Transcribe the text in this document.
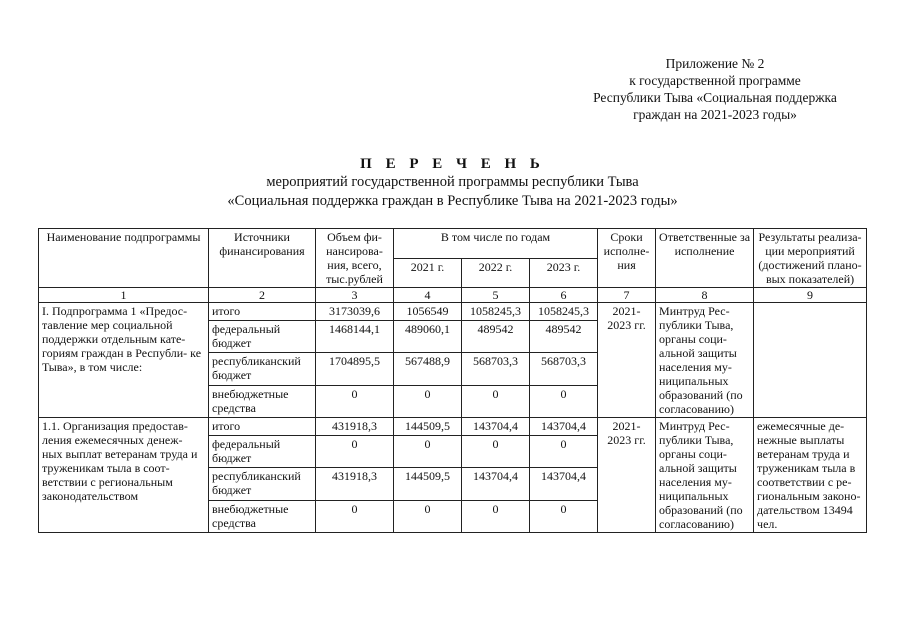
Приложение № 2
к государственной программе
Республики Тыва «Социальная поддержка
граждан на 2021-2023 годы»
П Е Р Е Ч Е Н Ь
мероприятий государственной программы республики Тыва
«Социальная поддержка граждан в Республике Тыва на 2021-2023 годы»
Наименование подпрограммы	Источники финансирования	Объем фи- нансирова- ния, всего, тыс.рублей	В том числе по годам			Сроки исполне- ния	Ответственные за исполнение	Результаты реализа- ции мероприятий (достижений плано- вых показателей)
			2021 г.	2022 г.	2023 г.			
1	2	3	4	5	6	7	8	9
I. Подпрограмма 1 «Предос- тавление мер социальной поддержки отдельным кате- гориям граждан в Республи- ке Тыва», в том числе:	итого	3173039,6	1056549	1058245,3	1058245,3	2021- 2023 гг.	Минтруд Рес- публики Тыва, органы соци- альной защиты населения му- ниципальных образований (по согласованию)	
	федеральный бюджет	1468144,1	489060,1	489542	489542			
	республиканский бюджет	1704895,5	567488,9	568703,3	568703,3			
	внебюджетные средства	0	0	0	0			
1.1. Организация предостав- ления ежемесячных денеж- ных выплат ветеранам труда и труженикам тыла в соот- ветствии с региональным законодательством	итого	431918,3	144509,5	143704,4	143704,4	2021- 2023 гг.	Минтруд Рес- публики Тыва, органы соци- альной защиты населения му- ниципальных образований (по согласованию)	ежемесячные де- нежные выплаты ветеранам труда и труженикам тыла в соответствии с ре- гиональным законо- дательством 13494 чел.
	федеральный бюджет	0	0	0	0			
	республиканский бюджет	431918,3	144509,5	143704,4	143704,4			
	внебюджетные средства	0	0	0	0			
